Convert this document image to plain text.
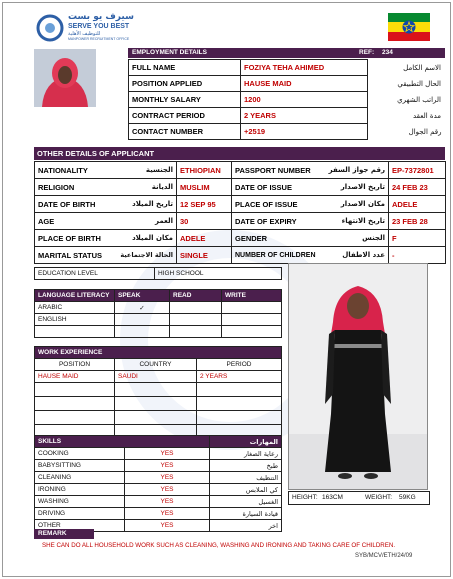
سيرف يو بست
SERVE YOU BEST
للتوظيف الأهلية
MANPOWER RECRUITMENT OFFICE
EMPLOYMENT DETAILS	REF: 234
FULL NAME	FOZIYA TEHA AHIMED	الاسم الكامل
POSITION APPLIED	HAUSE MAID	الحال التطبيقي
MONTHLY SALARY	1200	الراتب الشهري
CONTRACT PERIOD	2 YEARS	مدة العقد
CONTACT NUMBER	+2519	رقم الجوال
OTHER DETAILS OF APPLICANT
NATIONALITY	الجنسية	ETHIOPIAN	PASSPORT NUMBER	رقم جواز السفر	EP-7372801
RELIGION	الديانة	MUSLIM	DATE OF ISSUE	تاريخ الاصدار	24 FEB 23
DATE OF BIRTH	تاريخ الميلاد	12 SEP 95	PLACE OF ISSUE	مكان الاصدار	ADELE
AGE	العمر	30	DATE OF EXPIRY	تاريخ الانتهاء	23 FEB 28
PLACE OF BIRTH	مكان الميلاد	ADELE	GENDER	الجنس	F
MARITAL STATUS	الحالة الاجتماعية	SINGLE	NUMBER OF CHILDREN	عدد الاطفال	-
EDUCATION LEVEL	HIGH SCHOOL
LANGUAGE LITERACY	SPEAK	READ	WRITE
ARABIC	✓		
ENGLISH			

WORK EXPERIENCE		
POSITION	COUNTRY	PERIOD
HAUSE MAID	SAUDI	2 YEARS

SKILLS		المهارات
COOKING	YES	رعاية الصغار
BABYSITTING	YES	طبخ
CLEANING	YES	التنظيف
IRONING	YES	كي الملابس
WASHING	YES	الغسيل
DRIVING	YES	قيادة السيارة
OTHER	YES	اخر
HEIGHT: 163CM	WEIGHT: 59KG
REMARK
SHE CAN DO ALL HOUSEHOLD WORK SUCH AS CLEANING, WASHING AND IRONING AND TAKING CARE OF CHILDREN.
SYB/MCV/ETH/24/09
